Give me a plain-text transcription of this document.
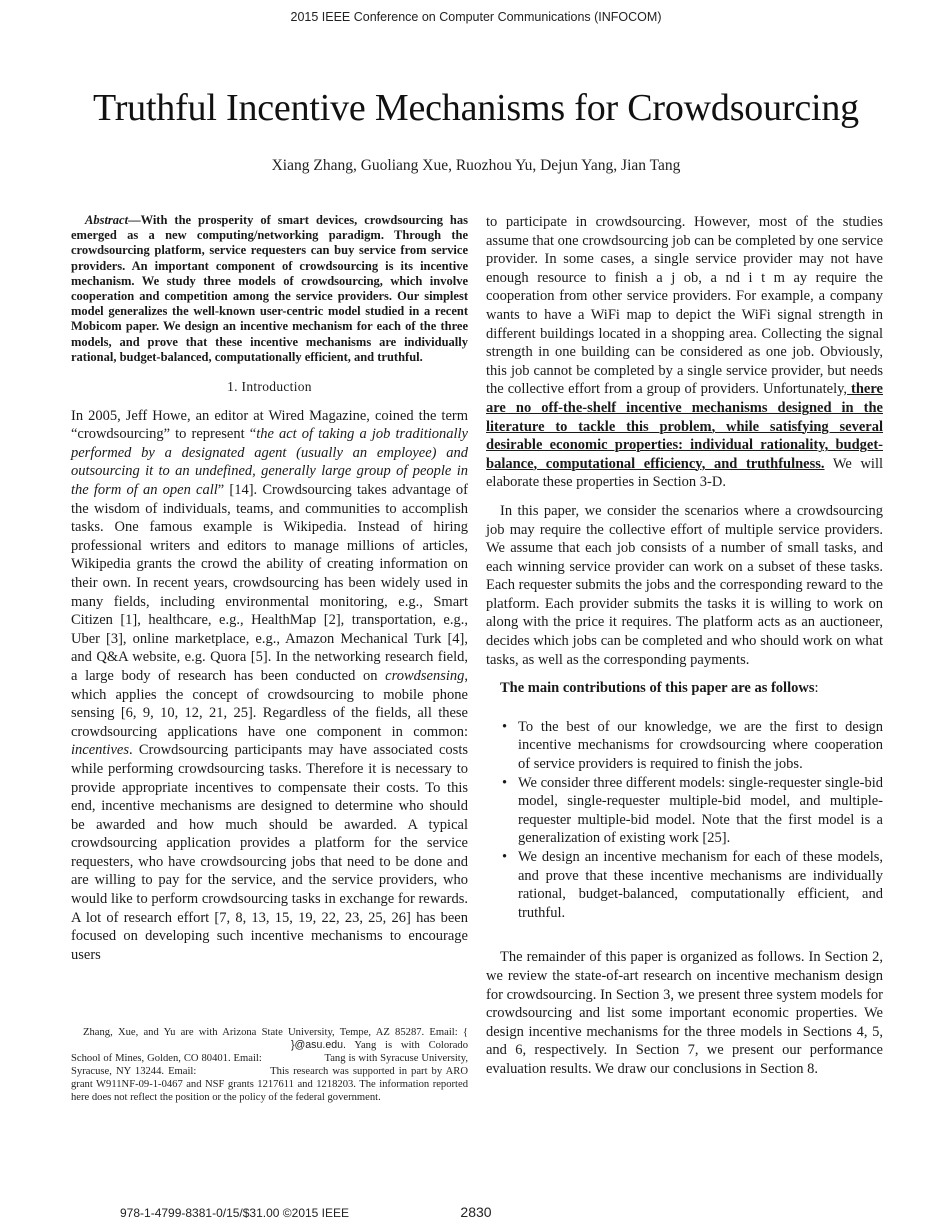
2015 IEEE Conference on Computer Communications (INFOCOM)
Truthful Incentive Mechanisms for Crowdsourcing
Xiang Zhang, Guoliang Xue, Ruozhou Yu, Dejun Yang, Jian Tang

Abstract—With the prosperity of smart devices, crowdsourcing has emerged as a new computing/networking paradigm. Through the crowdsourcing platform, service requesters can buy service from service providers. An important component of crowdsourcing is its incentive mechanism. We study three models of crowdsourcing, which involve cooperation and competition among the service providers. Our simplest model generalizes the well-known user-centric model studied in a recent Mobicom paper. We design an incentive mechanism for each of the three models, and prove that these incentive mechanisms are individually rational, budget-balanced, computationally efficient, and truthful.

1. Introduction

In 2005, Jeff Howe, an editor at Wired Magazine, coined the term “crowdsourcing” to represent “the act of taking a job traditionally performed by a designated agent (usually an employee) and outsourcing it to an undefined, generally large group of people in the form of an open call” [14]. Crowdsourcing takes advantage of the wisdom of individuals, teams, and communities to accomplish tasks. One famous example is Wikipedia. Instead of hiring professional writers and editors to manage millions of articles, Wikipedia grants the crowd the ability of creating information on their own. In recent years, crowdsourcing has been widely used in many fields, including environmental monitoring, e.g., Smart Citizen [1], healthcare, e.g., HealthMap [2], transportation, e.g., Uber [3], online marketplace, e.g., Amazon Mechanical Turk [4], and Q&A website, e.g. Quora [5]. In the networking research field, a large body of research has been conducted on crowdsensing, which applies the concept of crowdsourcing to mobile phone sensing [6, 9, 10, 12, 21, 25]. Regardless of the fields, all these crowdsourcing applications have one component in common: incentives. Crowdsourcing participants may have associated costs while performing crowdsourcing tasks. Therefore it is necessary to provide appropriate incentives to compensate their costs. To this end, incentive mechanisms are designed to determine who should be awarded and how much should be awarded. A typical crowdsourcing application provides a platform for the service requesters, who have crowdsourcing jobs that need to be done and are willing to pay for the service, and the service providers, who would like to perform crowdsourcing tasks in exchange for rewards. A lot of research effort [7, 8, 13, 15, 19, 22, 23, 25, 26] has been focused on developing such incentive mechanisms to encourage users

Zhang, Xue, and Yu are with Arizona State University, Tempe, AZ 85287. Email: {}@asu.edu. Yang is with Colorado School of Mines, Golden, CO 80401. Email:	Tang is with Syracuse University, Syracuse, NY 13244. Email:	This research was supported in part by ARO grant W911NF-09-1-0467 and NSF grants 1217611 and 1218203. The information reported here does not reflect the position or the policy of the federal government.

to participate in crowdsourcing. However, most of the studies assume that one crowdsourcing job can be completed by one service provider. In some cases, a single service provider may not have enough resource to finish a j ob, a nd i t m ay require the cooperation from other service providers. For example, a company wants to have a WiFi map to depict the WiFi signal strength in different buildings located in a shopping area. Collecting the signal strength in one building can be considered as one job. Obviously, this job cannot be completed by a single service provider, but needs the collective effort from a group of providers. Unfortunately, there are no off-the-shelf incentive mechanisms designed in the literature to tackle this problem, while satisfying several desirable economic properties: individual rationality, budget-balance, computational efficiency, and truthfulness. We will elaborate these properties in Section 3-D.

In this paper, we consider the scenarios where a crowdsourcing job may require the collective effort of multiple service providers. We assume that each job consists of a number of small tasks, and each winning service provider can work on a subset of these tasks. Each requester submits the jobs and the corresponding reward to the platform. Each provider submits the tasks it is willing to work on along with the price it requires. The platform acts as an auctioneer, decides which jobs can be completed and who should work on what tasks, as well as the corresponding payments.

The main contributions of this paper are as follows:

• To the best of our knowledge, we are the first to design incentive mechanisms for crowdsourcing where cooperation of service providers is required to finish the jobs.
• We consider three different models: single-requester single-bid model, single-requester multiple-bid model, and multiple-requester multiple-bid model. Note that the first model is a generalization of existing work [25].
• We design an incentive mechanism for each of these models, and prove that these incentive mechanisms are individually rational, budget-balanced, computationally efficient, and truthful.

The remainder of this paper is organized as follows. In Section 2, we review the state-of-art research on incentive mechanism design for crowdsourcing. In Section 3, we present three system models for crowdsourcing and list some important economic properties. We design incentive mechanisms for the three models in Sections 4, 5, and 6, respectively. In Section 7, we present our performance evaluation results. We draw our conclusions in Section 8.

978-1-4799-8381-0/15/$31.00 ©2015 IEEE	2830
